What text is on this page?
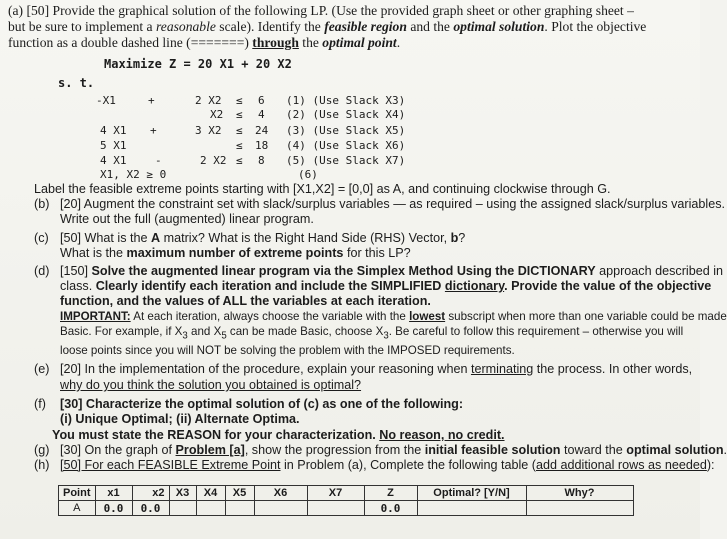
(a) [50] Provide the graphical solution of the following LP. (Use the provided graph sheet or other graphing sheet –
but be sure to implement a reasonable scale). Identify the feasible region and the optimal solution. Plot the objective
function as a double dashed line (=======) through the optimal point.
Maximize Z = 20 X1 + 20 X2
s. t.
-X1	+	2 X2 ≤ 6 (1) (Use Slack X3)
X2 ≤ 4 (2) (Use Slack X4)
4 X1 +	3 X2 ≤ 24 (3) (Use Slack X5)
5 X1	≤ 18 (4) (Use Slack X6)
4 X1	-	2 X2 ≤ 8 (5) (Use Slack X7)
X1, X2 ≥ 0	(6)
Label the feasible extreme points starting with [X1,X2] = [0,0] as A, and continuing clockwise through G.
(b) [20] Augment the constraint set with slack/surplus variables — as required – using the assigned slack/surplus variables.
Write out the full (augmented) linear program.
(c) [50] What is the A matrix? What is the Right Hand Side (RHS) Vector, b?
What is the maximum number of extreme points for this LP?
(d) [150] Solve the augmented linear program via the Simplex Method Using the DICTIONARY approach described in
class. Clearly identify each iteration and include the SIMPLIFIED dictionary. Provide the value of the objective
function, and the values of ALL the variables at each iteration.
IMPORTANT: At each iteration, always choose the variable with the lowest subscript when more than one variable could be made
Basic. For example, if $X_3$ and $X_5$ can be made Basic, choose $X_3$. Be careful to follow this requirement – otherwise you will
loose points since you will NOT be solving the problem with the IMPOSED requirements.
(e) [20] In the implementation of the procedure, explain your reasoning when terminating the process. In other words,
why do you think the solution you obtained is optimal?
(f) [30] Characterize the optimal solution of (c) as one of the following:
(i) Unique Optimal; (ii) Alternate Optima.
You must state the REASON for your characterization. No reason, no credit.
(g) [30] On the graph of Problem [a], show the progression from the initial feasible solution toward the optimal solution.
(h) [50] For each FEASIBLE Extreme Point in Problem (a), Complete the following table (add additional rows as needed):
Point	x1	x2	X3	X4	X5	X6	X7	Z	Optimal? [Y/N]	Why?
A	0.0	0.0						0.0		
